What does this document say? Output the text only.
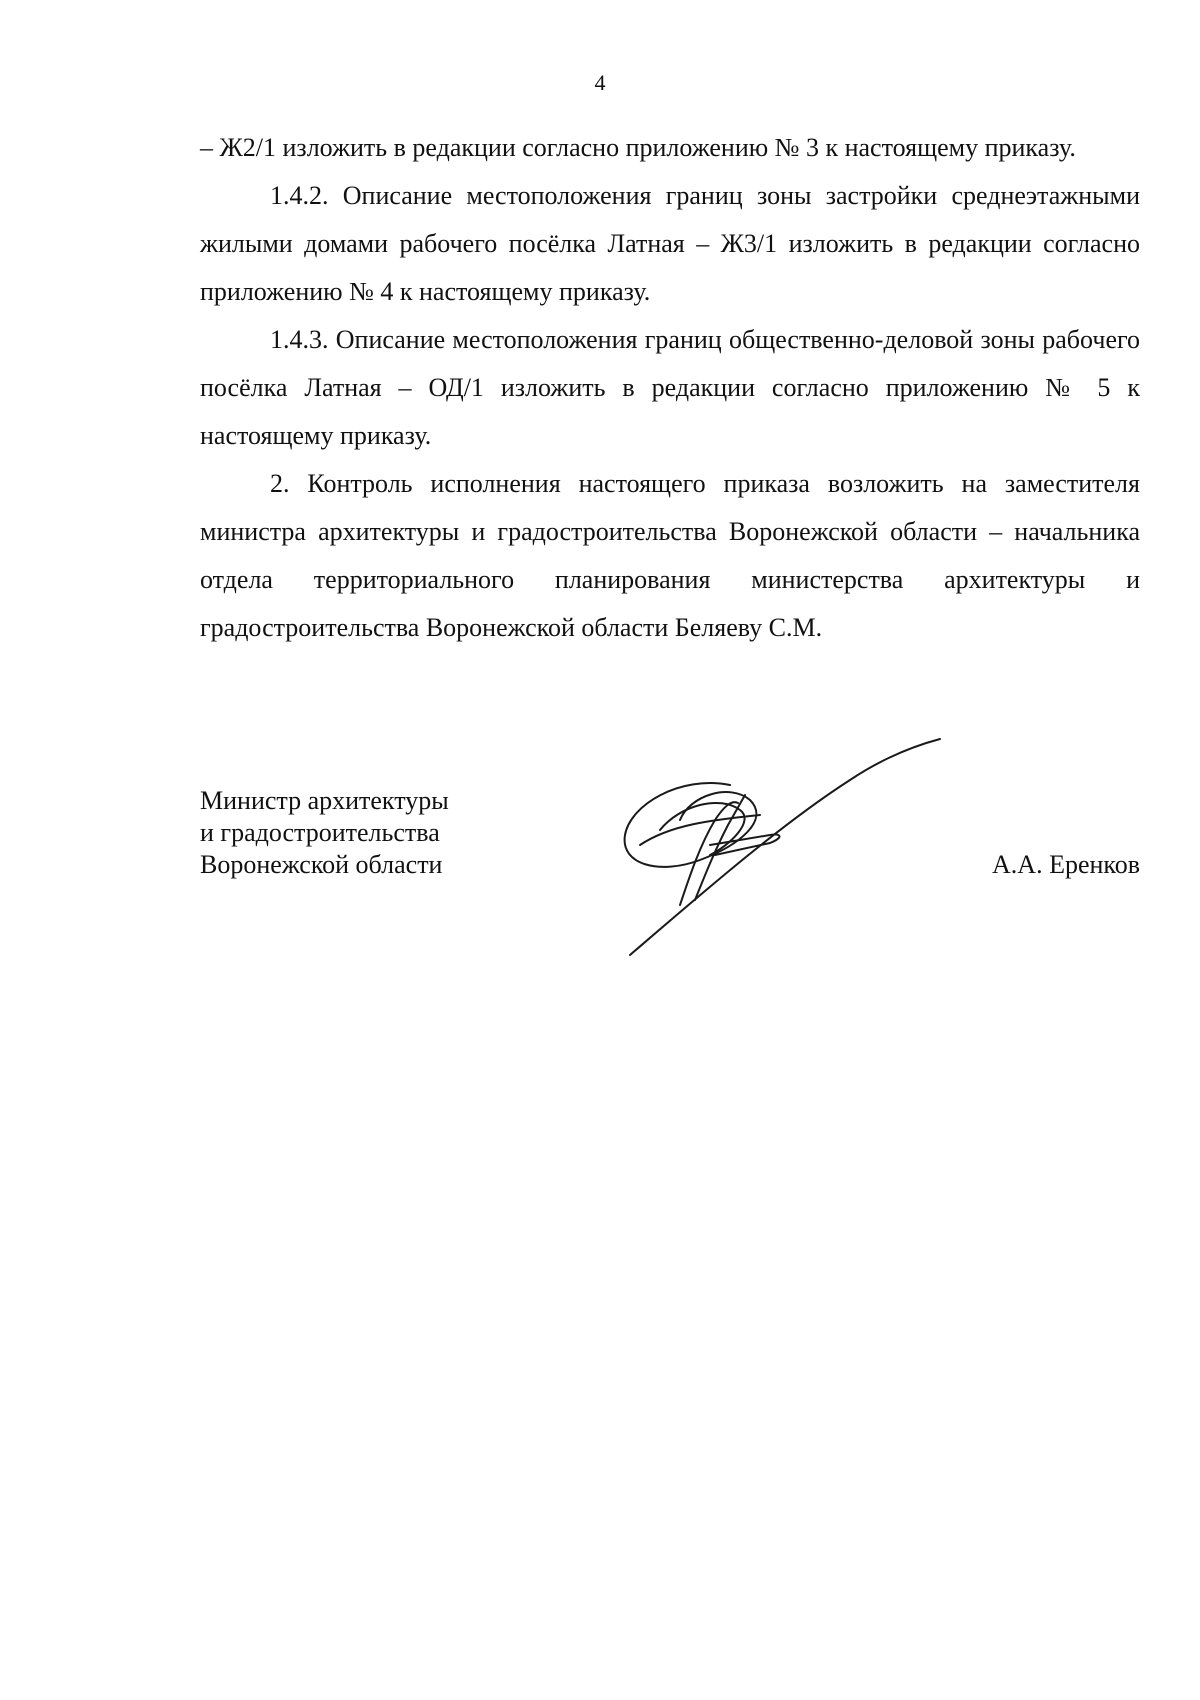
4

– Ж2/1 изложить в редакции согласно приложению № 3 к настоящему приказу.

1.4.2. Описание местоположения границ зоны застройки среднеэтажными жилыми домами рабочего посёлка Латная – Ж3/1 изложить в редакции согласно приложению № 4 к настоящему приказу.

1.4.3. Описание местоположения границ общественно-деловой зоны рабочего посёлка Латная – ОД/1 изложить в редакции согласно приложению № 5 к настоящему приказу.

2. Контроль исполнения настоящего приказа возложить на заместителя министра архитектуры и градостроительства Воронежской области – начальника отдела территориального планирования министерства архитектуры и градостроительства Воронежской области Беляеву С.М.

Министр архитектуры
и градостроительства
Воронежской области	А.А. Еренков
